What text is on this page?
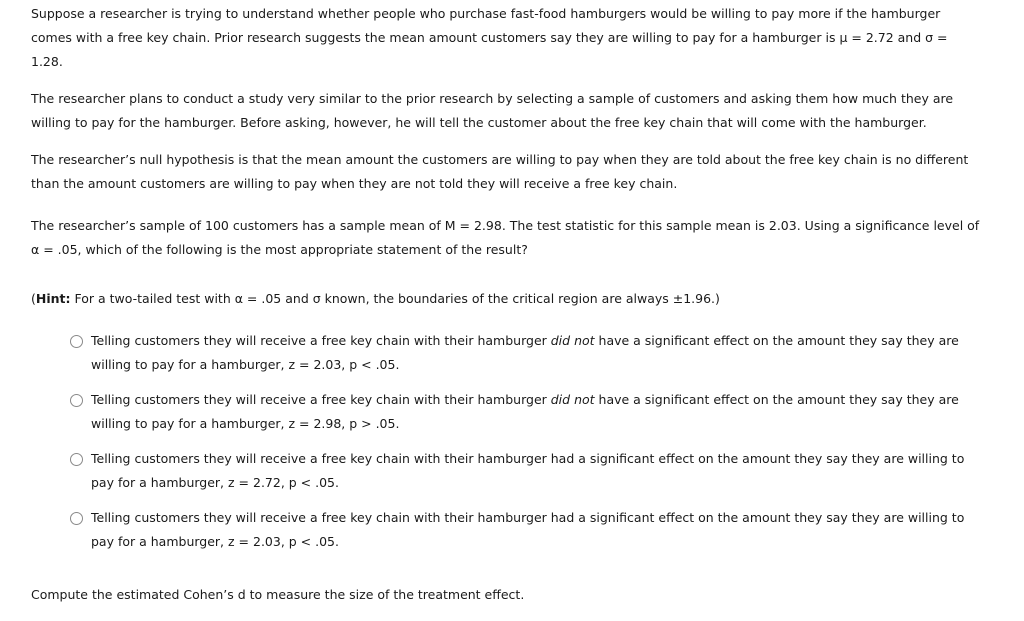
Suppose a researcher is trying to understand whether people who purchase fast-food hamburgers would be willing to pay more if the hamburger comes with a free key chain. Prior research suggests the mean amount customers say they are willing to pay for a hamburger is μ = 2.72 and σ = 1.28.

The researcher plans to conduct a study very similar to the prior research by selecting a sample of customers and asking them how much they are willing to pay for the hamburger. Before asking, however, he will tell the customer about the free key chain that will come with the hamburger.

The researcher’s null hypothesis is that the mean amount the customers are willing to pay when they are told about the free key chain is no different than the amount customers are willing to pay when they are not told they will receive a free key chain.

The researcher’s sample of 100 customers has a sample mean of M = 2.98. The test statistic for this sample mean is 2.03. Using a significance level of α = .05, which of the following is the most appropriate statement of the result?

(Hint: For a two-tailed test with α = .05 and σ known, the boundaries of the critical region are always ±1.96.)

Telling customers they will receive a free key chain with their hamburger did not have a significant effect on the amount they say they are willing to pay for a hamburger, z = 2.03, p < .05.
Telling customers they will receive a free key chain with their hamburger did not have a significant effect on the amount they say they are willing to pay for a hamburger, z = 2.98, p > .05.
Telling customers they will receive a free key chain with their hamburger had a significant effect on the amount they say they are willing to pay for a hamburger, z = 2.72, p < .05.
Telling customers they will receive a free key chain with their hamburger had a significant effect on the amount they say they are willing to pay for a hamburger, z = 2.03, p < .05.

Compute the estimated Cohen’s d to measure the size of the treatment effect.
